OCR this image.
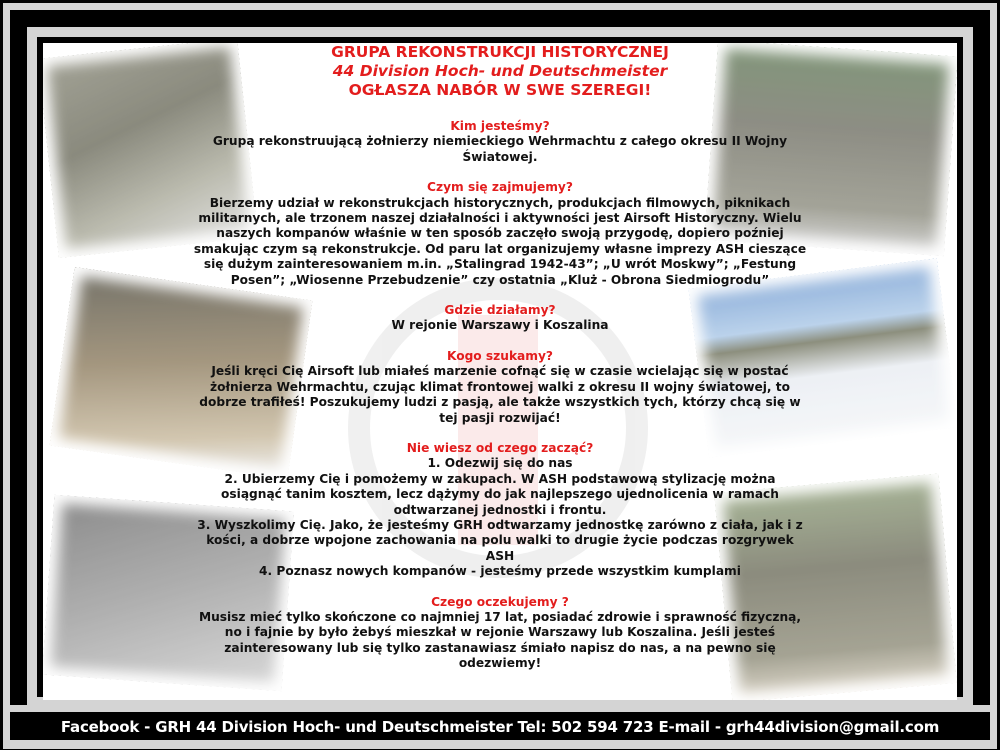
GRUPA REKONSTRUKCJI HISTORYCZNEJ
44 Division Hoch- und Deutschmeister
OGŁASZA NABÓR W SWE SZEREGI!
Kim jesteśmy?
Grupą rekonstruującą żołnierzy niemieckiego Wehrmachtu z całego okresu II Wojny Światowej.
Czym się zajmujemy?
Bierzemy udział w rekonstrukcjach historycznych, produkcjach filmowych, piknikach militarnych, ale trzonem naszej działalności i aktywności jest Airsoft Historyczny. Wielu naszych kompanów właśnie w ten sposób zaczęło swoją przygodę, dopiero poźniej smakując czym są rekonstrukcje. Od paru lat organizujemy własne imprezy ASH cieszące się dużym zainteresowaniem m.in. „Stalingrad 1942-43”; „U wrót Moskwy”; „Festung Posen”; „Wiosenne Przebudzenie” czy ostatnia „Kluż - Obrona Siedmiogrodu”
Gdzie działamy?
W rejonie Warszawy i Koszalina
Kogo szukamy?
Jeśli kręci Cię Airsoft lub miałeś marzenie cofnąć się w czasie wcielając się w postać żołnierza Wehrmachtu, czując klimat frontowej walki z okresu II wojny światowej, to dobrze trafiłeś! Poszukujemy ludzi z pasją, ale także wszystkich tych, którzy chcą się w tej pasji rozwijać!
Nie wiesz od czego zacząć?
1. Odezwij się do nas
2. Ubierzemy Cię i pomożemy w zakupach. W ASH podstawową stylizację można osiągnąć tanim kosztem, lecz dążymy do jak najlepszego ujednolicenia w ramach odtwarzanej jednostki i frontu.
3. Wyszkolimy Cię. Jako, że jesteśmy GRH odtwarzamy jednostkę zarówno z ciała, jak i z kości, a dobrze wpojone zachowania na polu walki to drugie życie podczas rozgrywek ASH
4. Poznasz nowych kompanów - jesteśmy przede wszystkim kumplami
Czego oczekujemy ?
Musisz mieć tylko skończone co najmniej 17 lat, posiadać zdrowie i sprawność fizyczną, no i fajnie by było żebyś mieszkał w rejonie Warszawy lub Koszalina. Jeśli jesteś zainteresowany lub się tylko zastanawiasz śmiało napisz do nas, a na pewno się odezwiemy!
Facebook - GRH 44 Division Hoch- und Deutschmeister Tel: 502 594 723 E-mail - grh44division@gmail.com
